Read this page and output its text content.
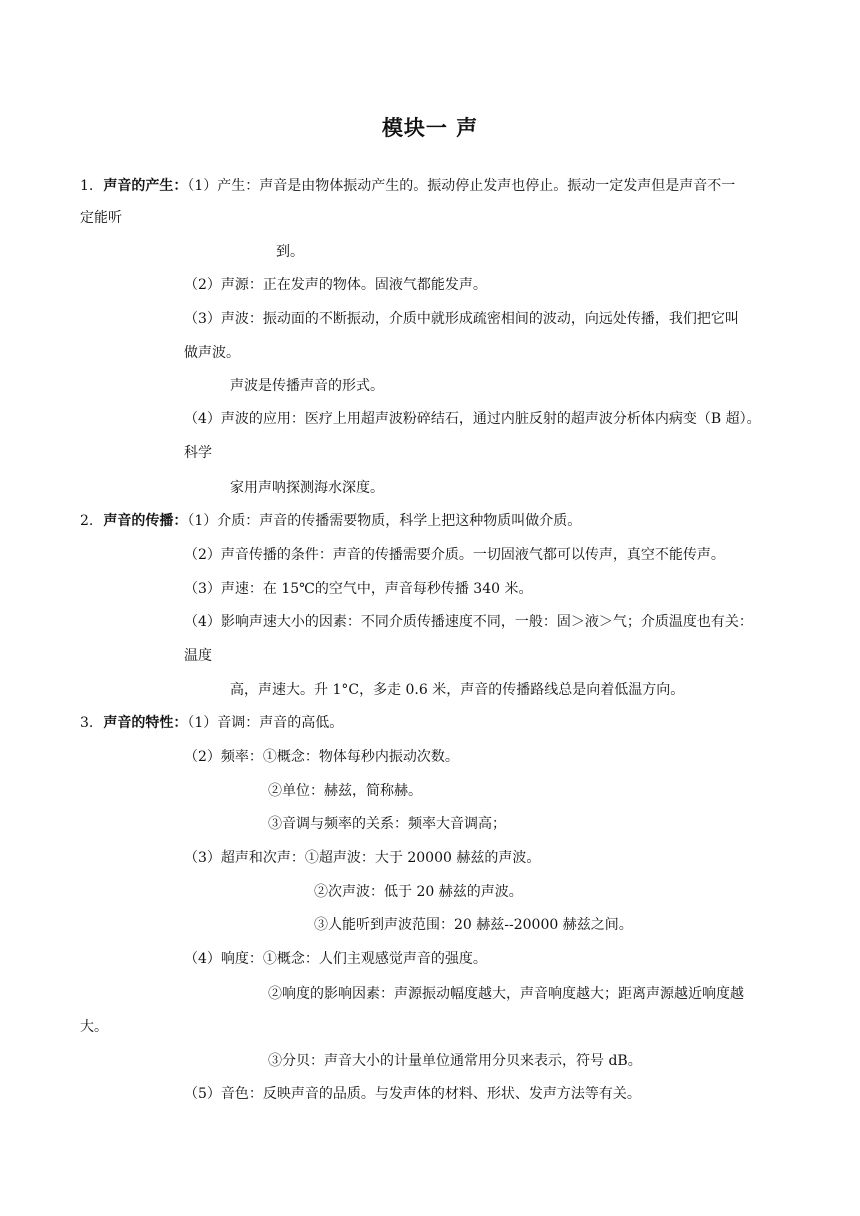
模块一 声
1. 声音的产生：（1）产生：声音是由物体振动产生的。振动停止发声也停止。振动一定发声但是声音不一
定能听
到。
（2）声源：正在发声的物体。固液气都能发声。
（3）声波：振动面的不断振动，介质中就形成疏密相间的波动，向远处传播，我们把它叫
做声波。
声波是传播声音的形式。
（4）声波的应用：医疗上用超声波粉碎结石，通过内脏反射的超声波分析体内病变（B 超）。
科学
家用声呐探测海水深度。
2. 声音的传播：（1）介质：声音的传播需要物质，科学上把这种物质叫做介质。
（2）声音传播的条件：声音的传播需要介质。一切固液气都可以传声，真空不能传声。
（3）声速：在 15℃的空气中，声音每秒传播 340 米。
（4）影响声速大小的因素：不同介质传播速度不同，一般：固＞液＞气；介质温度也有关：
温度
高，声速大。升 1°C，多走 0.6 米，声音的传播路线总是向着低温方向。
3. 声音的特性：（1）音调：声音的高低。
（2）频率：①概念：物体每秒内振动次数。
②单位：赫兹，简称赫。
③音调与频率的关系：频率大音调高；
（3）超声和次声：①超声波：大于 20000 赫兹的声波。
②次声波：低于 20 赫兹的声波。
③人能听到声波范围：20 赫兹--20000 赫兹之间。
（4）响度：①概念：人们主观感觉声音的强度。
②响度的影响因素：声源振动幅度越大，声音响度越大；距离声源越近响度越
大。
③分贝：声音大小的计量单位通常用分贝来表示，符号 dB。
（5）音色：反映声音的品质。与发声体的材料、形状、发声方法等有关。
